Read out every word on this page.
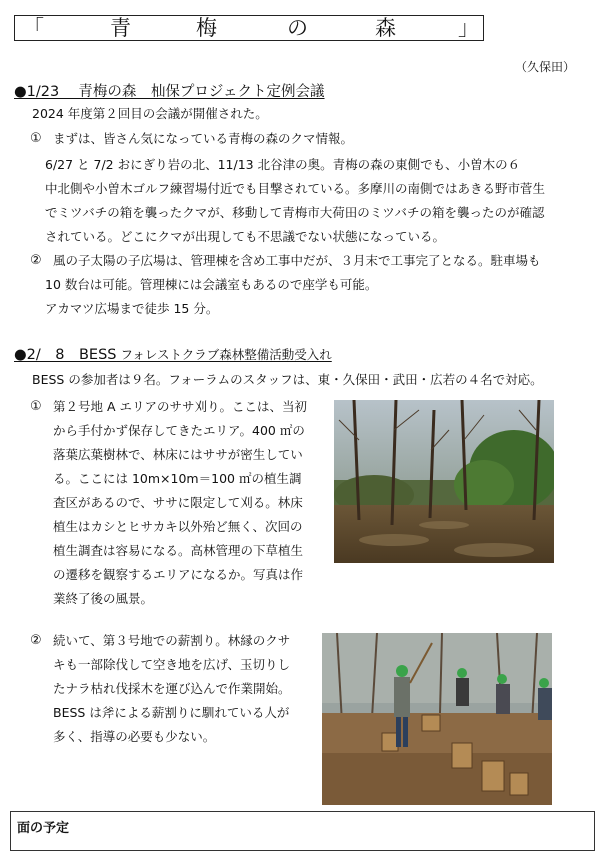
「	青	梅	の	森	」
（久保田）
●1/23　 青梅の森　杣保プロジェクト定例会議
2024 年度第２回目の会議が開催された。
① まずは、皆さん気になっている青梅の森のクマ情報。
6/27 と 7/2 おにぎり岩の北、11/13 北谷津の奥。青梅の森の東側でも、小曽木の６
中北側や小曽木ゴルフ練習場付近でも目撃されている。多摩川の南側ではあきる野市菅生
でミツバチの箱を襲ったクマが、移動して青梅市大荷田のミツバチの箱を襲ったのが確認
されている。どこにクマが出現しても不思議でない状態になっている。
② 風の子太陽の子広場は、管理棟を含め工事中だが、３月末で工事完了となる。駐車場も
10 数台は可能。管理棟には会議室もあるので座学も可能。
アカマツ広場まで徒歩 15 分。
●2/　8　BESS フォレストクラブ森林整備活動受入れ
BESS の参加者は９名。フォーラムのスタッフは、東・久保田・武田・広若の４名で対応。
① 第２号地 A エリアのササ刈り。ここは、当初
から手付かず保存してきたエリア。400 ㎡の
落葉広葉樹林で、林床にはササが密生してい
る。ここには 10m×10m＝100 ㎡の植生調
査区があるので、ササに限定して刈る。林床
植生はカシとヒサカキ以外殆ど無く、次回の
植生調査は容易になる。高林管理の下草植生
の遷移を観察するエリアになるか。写真は作
業終了後の風景。
② 続いて、第３号地での薪割り。林縁のクサ
キも一部除伐して空き地を広げ、玉切りし
たナラ枯れ伐採木を運び込んで作業開始。
BESS は斧による薪割りに馴れている人が
多く、指導の必要も少ない。
面の予定
